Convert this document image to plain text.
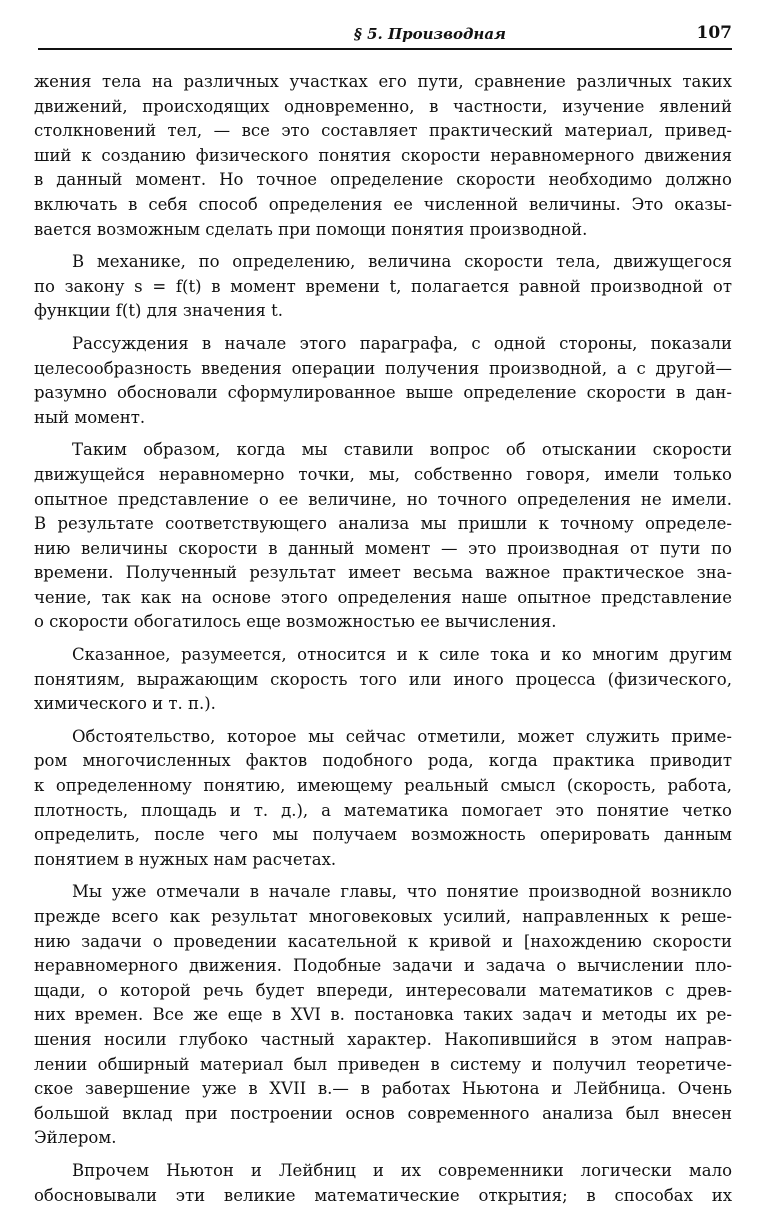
§ 5. Производная	107
жения тела на различных участках его пути, сравнение различных таких
движений, происходящих одновременно, в частности, изучение явлений
столкновений тел, — все это составляет практический материал, привед-
ший к созданию физического понятия скорости неравномерного движения
в данный момент. Но точное определение скорости необходимо должно
включать в себя способ определения ее численной величины. Это оказы-
вается возможным сделать при помощи понятия производной.
В механике, по определению, величина скорости тела, движущегося
по закону s = f(t) в момент времени t, полагается равной производной от
функции f(t) для значения t.
Рассуждения в начале этого параграфа, с одной стороны, показали
целесообразность введения операции получения производной, а с другой—
разумно обосновали сформулированное выше определение скорости в дан-
ный момент.
Таким образом, когда мы ставили вопрос об отыскании скорости
движущейся неравномерно точки, мы, собственно говоря, имели только
опытное представление о ее величине, но точного определения не имели.
В результате соответствующего анализа мы пришли к точному определе-
нию величины скорости в данный момент — это производная от пути по
времени. Полученный результат имеет весьма важное практическое зна-
чение, так как на основе этого определения наше опытное представление
о скорости обогатилось еще возможностью ее вычисления.
Сказанное, разумеется, относится и к силе тока и ко многим другим
понятиям, выражающим скорость того или иного процесса (физического,
химического и т. п.).
Обстоятельство, которое мы сейчас отметили, может служить приме-
ром многочисленных фактов подобного рода, когда практика приводит
к определенному понятию, имеющему реальный смысл (скорость, работа,
плотность, площадь и т. д.), а математика помогает это понятие четко
определить, после чего мы получаем возможность оперировать данным
понятием в нужных нам расчетах.
Мы уже отмечали в начале главы, что понятие производной возникло
прежде всего как результат многовековых усилий, направленных к реше-
нию задачи о проведении касательной к кривой и [нахождению скорости
неравномерного движения. Подобные задачи и задача о вычислении пло-
щади, о которой речь будет впереди, интересовали математиков с древ-
них времен. Все же еще в XVI в. постановка таких задач и методы их ре-
шения носили глубоко частный характер. Накопившийся в этом направ-
лении обширный материал был приведен в систему и получил теоретиче-
ское завершение уже в XVII в.— в работах Ньютона и Лейбница. Очень
большой вклад при построении основ современного анализа был внесен
Эйлером.
Впрочем Ньютон и Лейбниц и их современники логически мало
обосновывали эти великие математические открытия; в способах их
